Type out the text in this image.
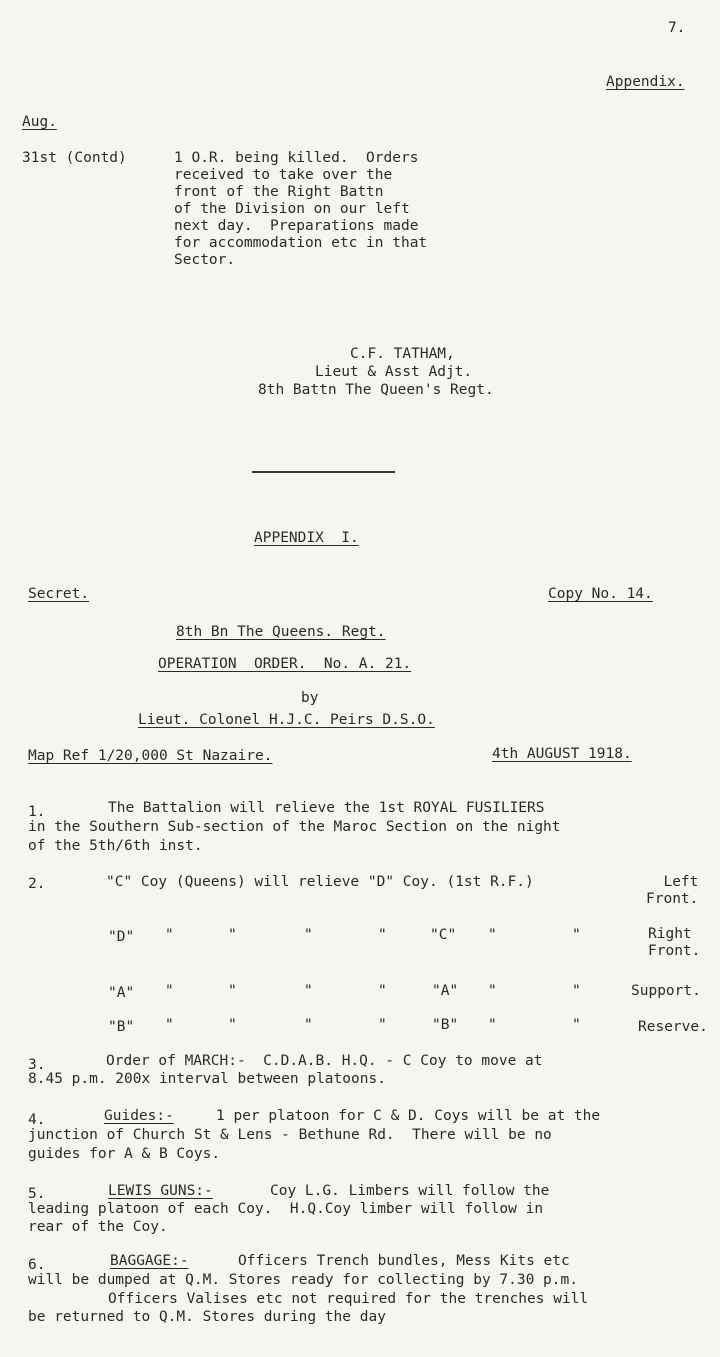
7.
Appendix.
Aug.
31st (Contd)	1 O.R. being killed.  Orders
received to take over the
front of the Right Battn
of the Division on our left
next day.  Preparations made
for accommodation etc in that
Sector.
C.F. TATHAM,
Lieut & Asst Adjt.
8th Battn The Queen's Regt.
APPENDIX  I.
Secret.	Copy No. 14.
8th Bn The Queens. Regt.
OPERATION  ORDER.  No. A. 21.
by
Lieut. Colonel H.J.C. Peirs D.S.O.
Map Ref 1/20,000 St Nazaire.	4th AUGUST 1918.
1.	The Battalion will relieve the 1st ROYAL FUSILIERS
in the Southern Sub-section of the Maroc Section on the night
of the 5th/6th inst.
2.	"C" Coy (Queens) will relieve "D" Coy. (1st R.F.)	Left
Front.
"D" "	"	"	"	"C" "	"	Right
Front.
"A" "	"	"	"	"A" "	"	Support.
"B" "	"	"	"	"B" "	"	Reserve.
3.	Order of MARCH:-  C.D.A.B. H.Q. - C Coy to move at
8.45 p.m. 200x interval between platoons.
4.	Guides:-	1 per platoon for C & D. Coys will be at the
junction of Church St & Lens - Bethune Rd.  There will be no
guides for A & B Coys.
5.	LEWIS GUNS:-	Coy L.G. Limbers will follow the
leading platoon of each Coy.  H.Q.Coy limber will follow in
rear of the Coy.
6.	BAGGAGE:-	Officers Trench bundles, Mess Kits etc
will be dumped at Q.M. Stores ready for collecting by 7.30 p.m.
Officers Valises etc not required for the trenches will
be returned to Q.M. Stores during the day
